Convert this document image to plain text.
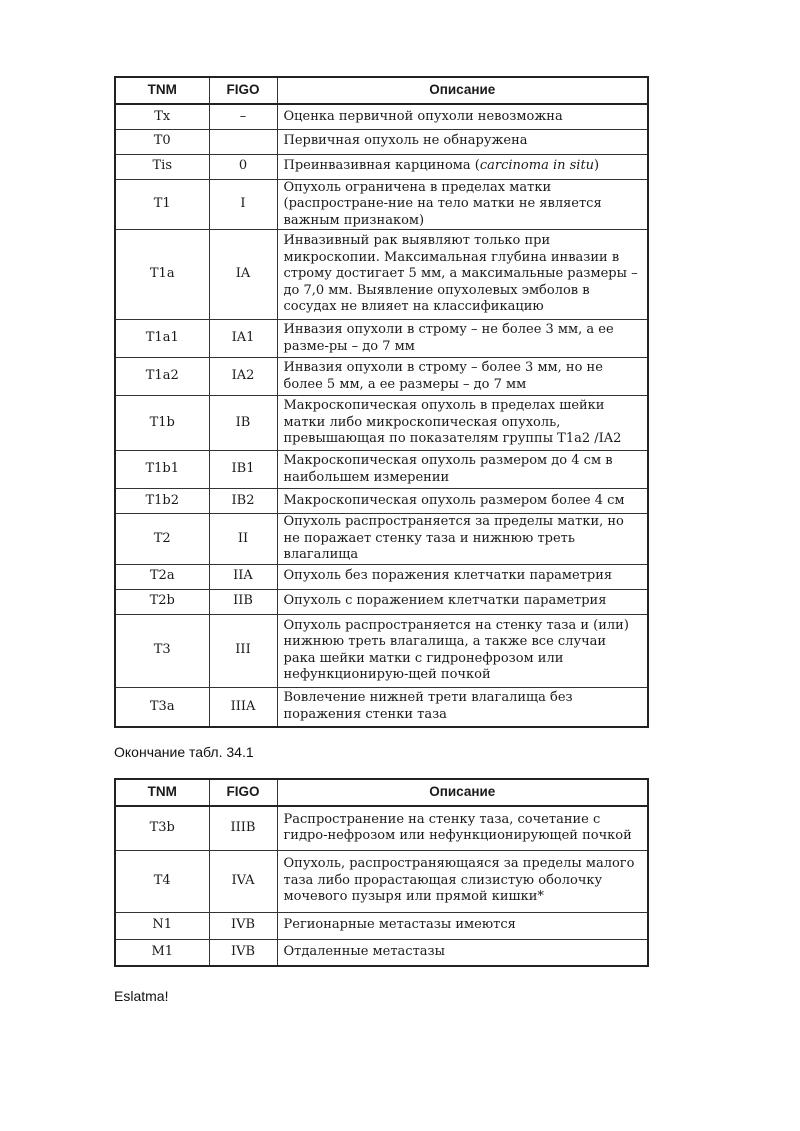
TNM	FIGO	Описание
Tx	–	Оценка первичной опухоли невозможна
T0		Первичная опухоль не обнаружена
Tis	0	Преинвазивная карцинома (carcinoma in situ)
T1	I	Опухоль ограничена в пределах матки (распростране-ние на тело матки не является важным признаком)
T1a	IA	Инвазивный рак выявляют только при микроскопии. Максимальная глубина инвазии в строму достигает 5 мм, а максимальные размеры – до 7,0 мм. Выявление опухолевых эмболов в сосудах не влияет на классификацию
T1a1	IA1	Инвазия опухоли в строму – не более 3 мм, а ее разме-ры – до 7 мм
T1a2	IA2	Инвазия опухоли в строму – более 3 мм, но не более 5 мм, а ее размеры – до 7 мм
T1b	IB	Макроскопическая опухоль в пределах шейки матки либо микроскопическая опухоль, превышающая по показателям группы T1a2 /IA2
T1b1	IB1	Макроскопическая опухоль размером до 4 см в наибольшем измерении
T1b2	IB2	Макроскопическая опухоль размером более 4 см
T2	II	Опухоль распространяется за пределы матки, но не поражает стенку таза и нижнюю треть влагалища
T2a	IIA	Опухоль без поражения клетчатки параметрия
T2b	IIB	Опухоль с поражением клетчатки параметрия
T3	III	Опухоль распространяется на стенку таза и (или) нижнюю треть влагалища, а также все случаи рака шейки матки с гидронефрозом или нефункционирую-щей почкой
T3a	IIIA	Вовлечение нижней трети влагалища без поражения стенки таза
Окончание табл. 34.1
TNM	FIGO	Описание
T3b	IIIB	Распространение на стенку таза, сочетание с гидро-нефрозом или нефункционирующей почкой
T4	IVA	Опухоль, распространяющаяся за пределы малого таза либо прорастающая слизистую оболочку мочевого пузыря или прямой кишки*
N1	IVB	Регионарные метастазы имеются
M1	IVB	Отдаленные метастазы
Eslatma!
